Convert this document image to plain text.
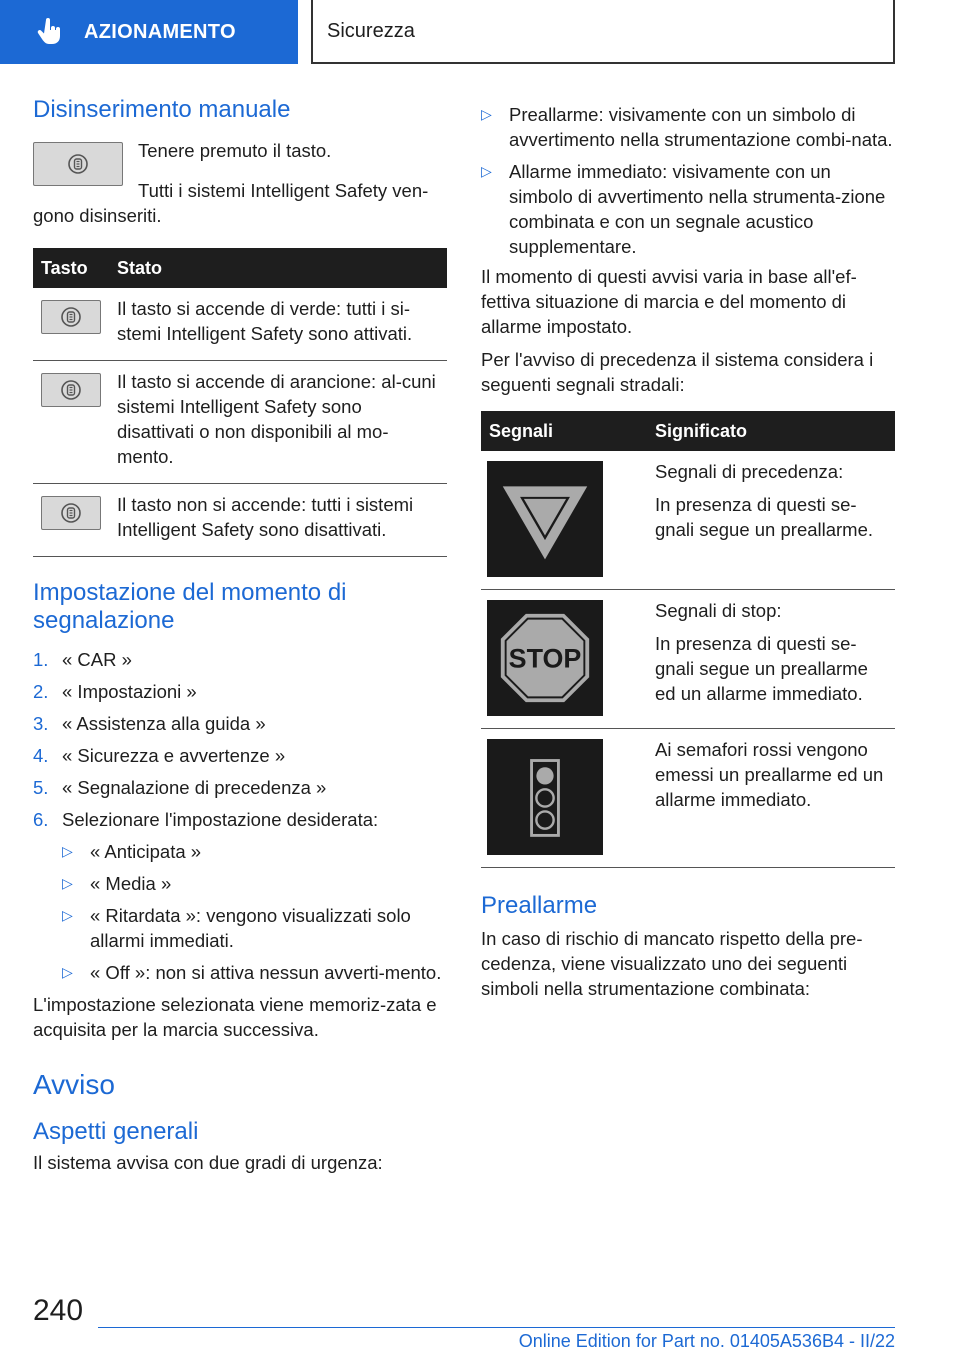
AZIONAMENTO	Sicurezza
Disinserimento manuale

Tenere premuto il tasto.

Tutti i sistemi Intelligent Safety ven-gono disinseriti.

Tasto	Stato

Il tasto si accende di verde: tutti i si-stemi Intelligent Safety sono attivati.

Il tasto si accende di arancione: al-cuni sistemi Intelligent Safety sono disattivati o non disponibili al mo-mento.

Il tasto non si accende: tutti i sistemi Intelligent Safety sono disattivati.

Impostazione del momento di segnalazione
1. « CAR »
2. « Impostazioni »
3. « Assistenza alla guida »
4. « Sicurezza e avvertenze »
5. « Segnalazione di precedenza »
6. Selezionare l'impostazione desiderata:
▷ « Anticipata »
▷ « Media »
▷ « Ritardata »: vengono visualizzati solo allarmi immediati.
▷ « Off »: non si attiva nessun avverti-mento.

L'impostazione selezionata viene memoriz-zata e acquisita per la marcia successiva.

Avviso
Aspetti generali

Il sistema avvisa con due gradi di urgenza:

▷ Preallarme: visivamente con un simbolo di avvertimento nella strumentazione combi-nata.
▷ Allarme immediato: visivamente con un simbolo di avvertimento nella strumenta-zione combinata e con un segnale acustico supplementare.

Il momento di questi avvisi varia in base all'ef-fettiva situazione di marcia e del momento di allarme impostato.

Per l'avviso di precedenza il sistema considera i seguenti segnali stradali:

Segnali	Significato

Segnali di precedenza:

In presenza di questi se-gnali segue un preallarme.

STOP	Segnali di stop:

In presenza di questi se-gnali segue un preallarme ed un allarme immediato.

Ai semafori rossi vengono emessi un preallarme ed un allarme immediato.

Preallarme

In caso di rischio di mancato rispetto della pre-cedenza, viene visualizzato uno dei seguenti simboli nella strumentazione combinata:

240
Online Edition for Part no. 01405A536B4 - II/22
